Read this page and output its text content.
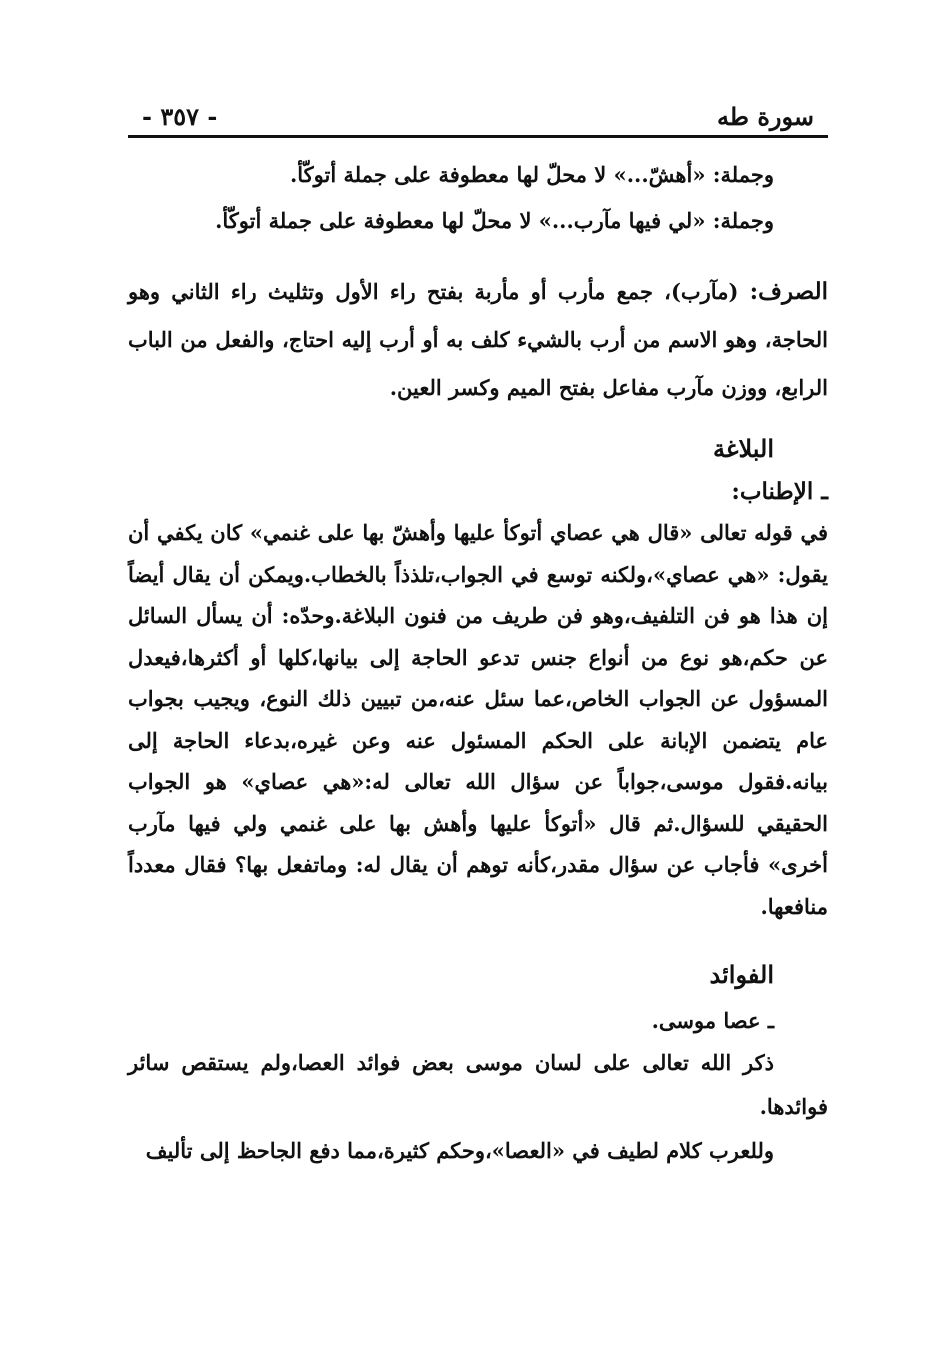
سورة طه
- ٣٥٧ -

وجملة: «أهشّ...» لا محلّ لها معطوفة على جملة أتوكّأ.

وجملة: «لي فيها مآرب...» لا محلّ لها معطوفة على جملة أتوكّأ.

الصرف: (مآرب)، جمع مأرب أو مأربة بفتح راء الأول وتثليث راء الثاني وهو الحاجة، وهو الاسم من أرب بالشيء كلف به أو أرب إليه احتاج، والفعل من الباب الرابع، ووزن مآرب مفاعل بفتح الميم وكسر العين.
البلاغة
ـ الإطناب:
في قوله تعالى «قال هي عصاي أتوكأ عليها وأهشّ بها على غنمي» كان يكفي أن يقول: «هي عصاي»،ولكنه توسع في الجواب،تلذذاً بالخطاب.ويمكن أن يقال أيضاً إن هذا هو فن التلفيف،وهو فن طريف من فنون البلاغة.وحدّه: أن يسأل السائل عن حكم،هو نوع من أنواع جنس تدعو الحاجة إلى بيانها،كلها أو أكثرها،فيعدل المسؤول عن الجواب الخاص،عما سئل عنه،من تبيين ذلك النوع، ويجيب بجواب عام يتضمن الإبانة على الحكم المسئول عنه وعن غيره،بدعاء الحاجة إلى بيانه.فقول موسى،جواباً عن سؤال الله تعالى له:«هي عصاي» هو الجواب الحقيقي للسؤال.ثم قال «أتوكأ عليها وأهش بها على غنمي ولي فيها مآرب أخرى» فأجاب عن سؤال مقدر،كأنه توهم أن يقال له: وماتفعل بها؟ فقال معدداً منافعها.
الفوائد
ـ عصا موسى.
ذكر الله تعالى على لسان موسى بعض فوائد العصا،ولم يستقص سائر فوائدها.
وللعرب كلام لطيف في «العصا»،وحكم كثيرة،مما دفع الجاحظ إلى تأليف
